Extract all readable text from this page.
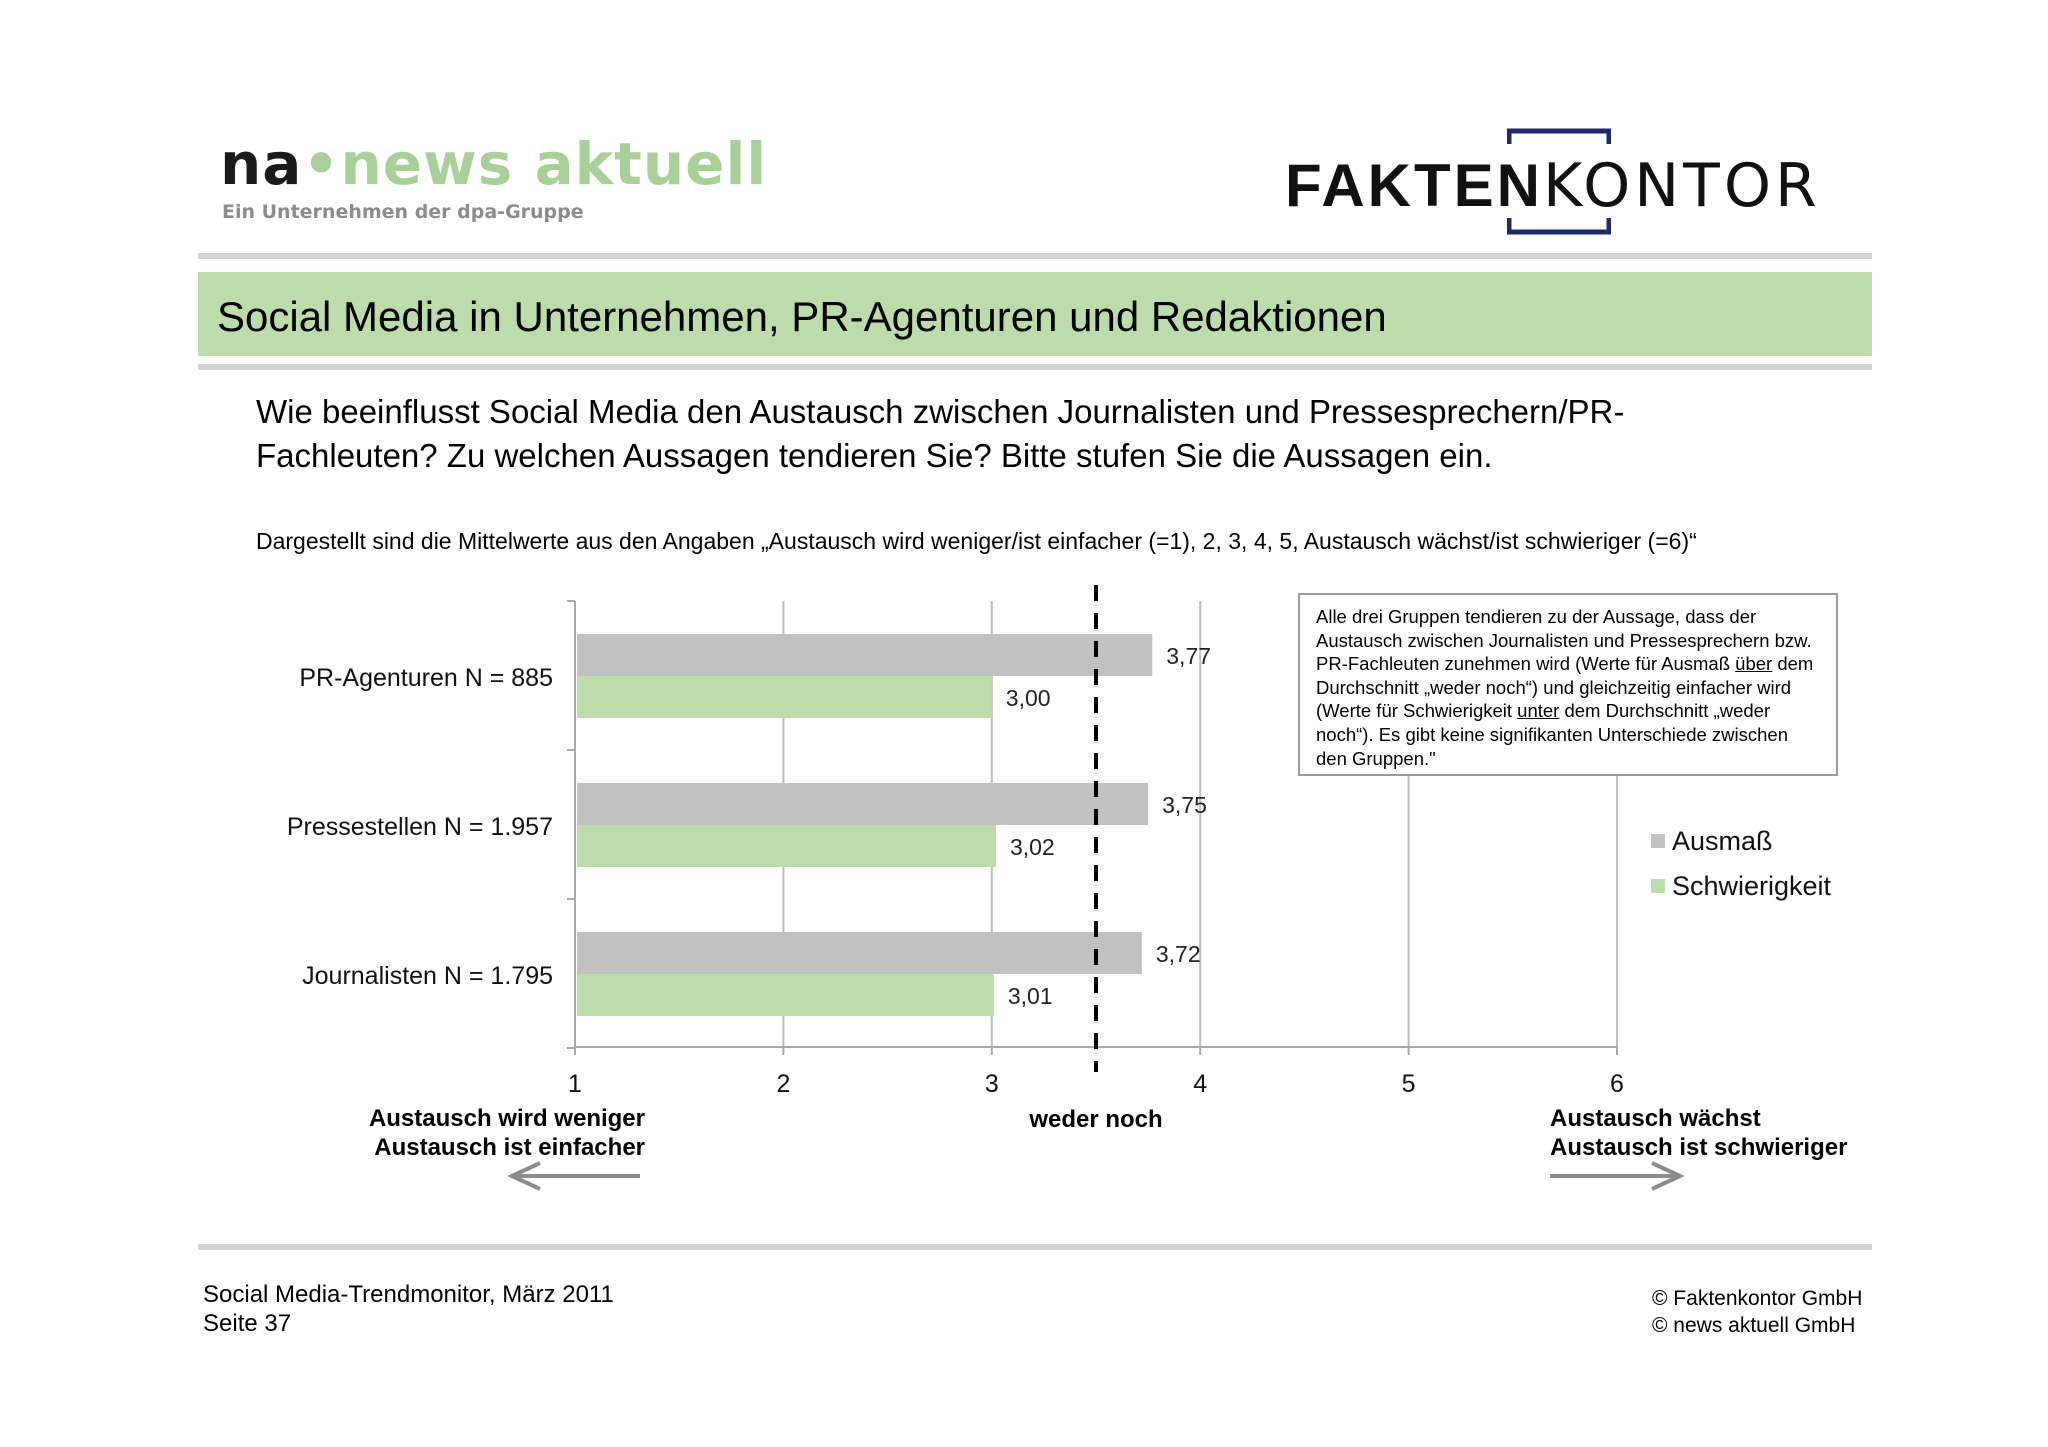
na•news aktuell
Ein Unternehmen der dpa-Gruppe	FAKTENKONTOR
Social Media in Unternehmen, PR-Agenturen und Redaktionen
Wie beeinflusst Social Media den Austausch zwischen Journalisten und Pressesprechern/PR-Fachleuten? Zu welchen Aussagen tendieren Sie? Bitte stufen Sie die Aussagen ein.
Dargestellt sind die Mittelwerte aus den Angaben „Austausch wird weniger/ist einfacher (=1), 2, 3, 4, 5, Austausch wächst/ist schwieriger (=6)“
1	2	3	4	5	6
3,77
3,00
PR-Agenturen N = 885
3,75
3,02
Pressestellen N = 1.957
3,72
3,01
Journalisten N = 1.795
weder noch
Austausch wird weniger
Austausch ist einfacher
Austausch wächst
Austausch ist schwieriger
Ausmaß
Schwierigkeit
Alle drei Gruppen tendieren zu der Aussage, dass der Austausch zwischen Journalisten und Pressesprechern bzw. PR-Fachleuten zunehmen wird (Werte für Ausmaß über dem Durchschnitt „weder noch“) und gleichzeitig einfacher wird (Werte für Schwierigkeit unter dem Durchschnitt „weder noch“). Es gibt keine signifikanten Unterschiede zwischen den Gruppen."
Social Media-Trendmonitor, März 2011
Seite 37
© Faktenkontor GmbH
© news aktuell GmbH
